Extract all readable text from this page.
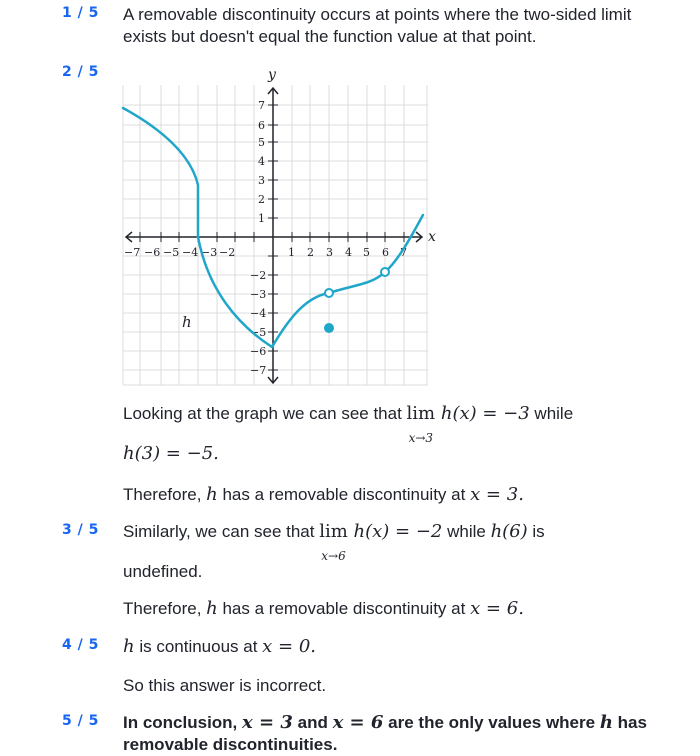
1 / 5 A removable discontinuity occurs at points where the two-sided limit exists but doesn't equal the function value at that point.
2 / 5
−7 −6 −5 −4 −3 −2	1 2 3 4 5 6 7
7
6
5
4
3
2
1
−2
−3
−4
−5
−6
−7
y
x
h
Looking at the graph we can see that lim
x→3
h(x) = −3 while
h(3) = −5.
Therefore, h has a removable discontinuity at x = 3.
3 / 5 Similarly, we can see that lim
x→6
h(x) = −2 while h(6) is
undefined.
Therefore, h has a removable discontinuity at x = 6.
4 / 5 h is continuous at x = 0.
So this answer is incorrect.
5 / 5 In conclusion, x = 3 and x = 6 are the only values where h has
removable discontinuities.
